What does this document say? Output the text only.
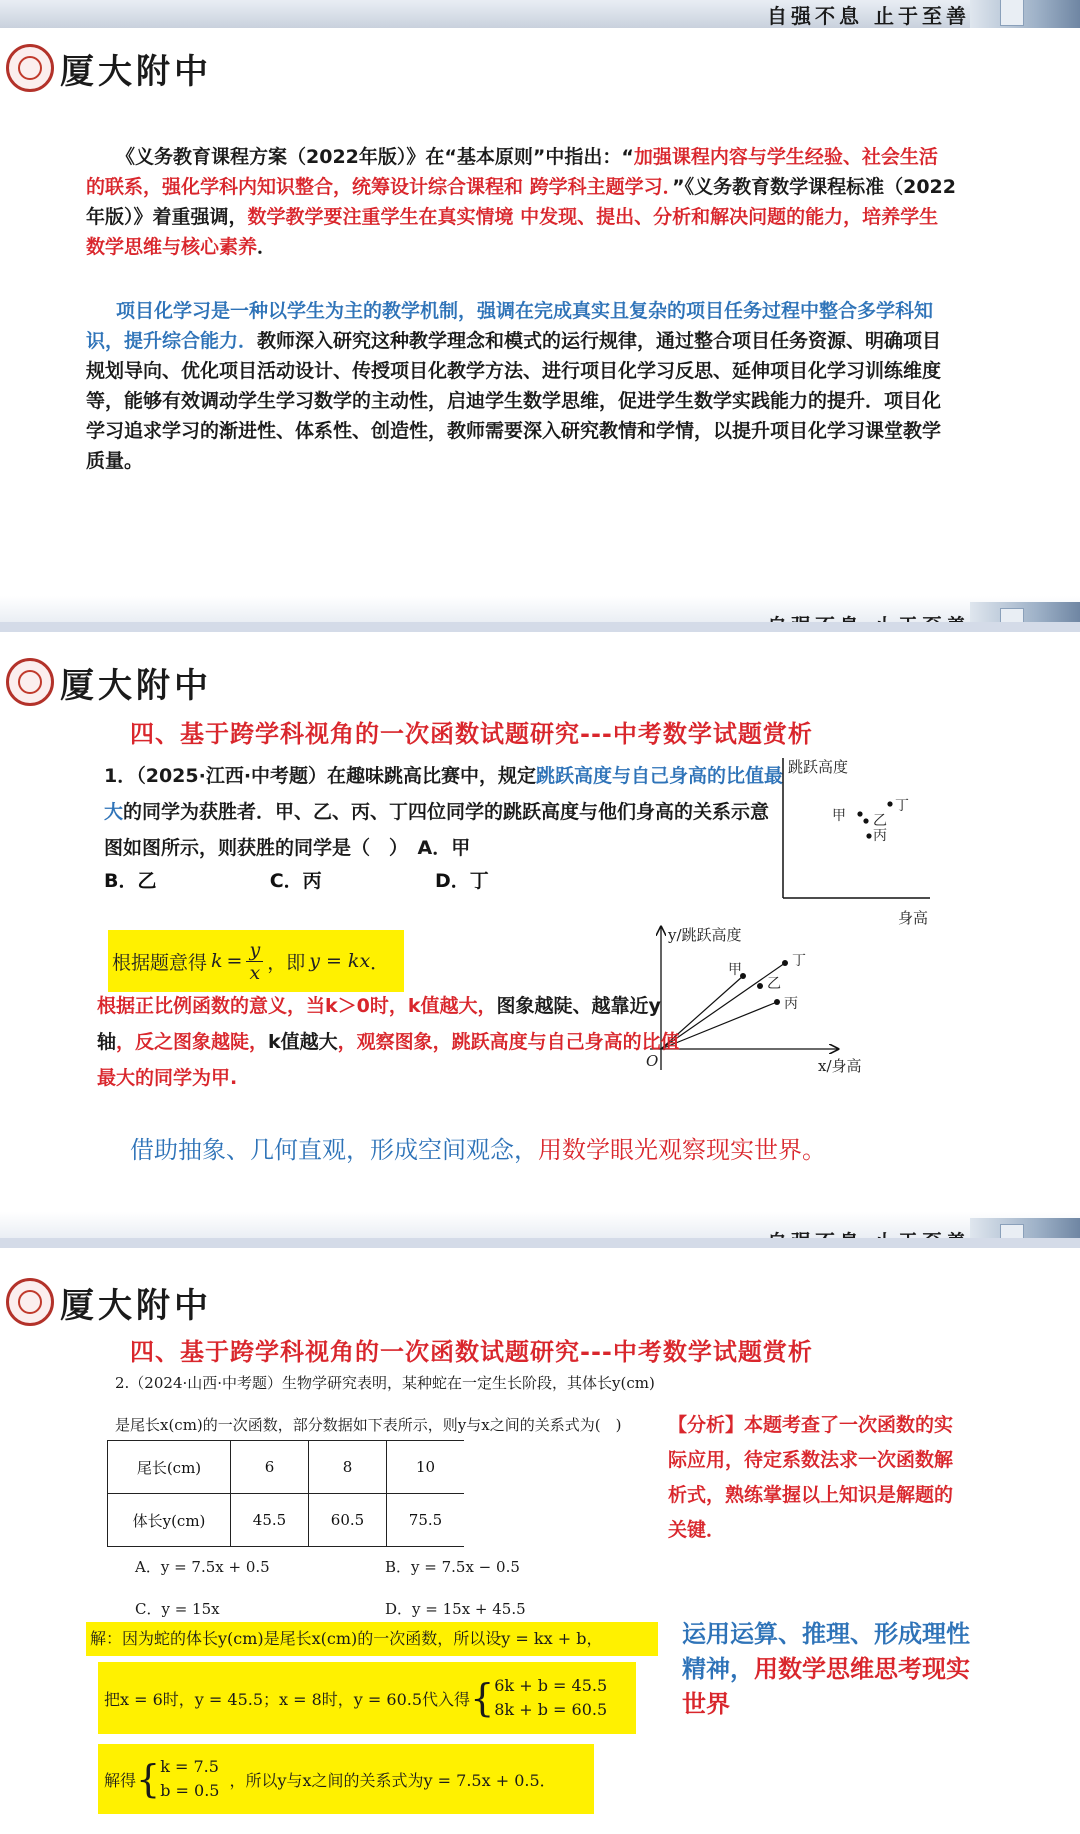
自强不息 止于至善
厦大附中
《义务教育课程方案（2022年版）》在“基本原则”中指出：“加强课程内容与学生经验、社会生活的联系，强化学科内知识整合，统筹设计综合课程和 跨学科主题学习．”《义务教育数学课程标准（2022年版）》着重强调，数学教学要注重学生在真实情境 中发现、提出、分析和解决问题的能力，培养学生数学思维与核心素养．
项目化学习是一种以学生为主的教学机制，强调在完成真实且复杂的项目任务过程中整合多学科知识，提升综合能力．教师深入研究这种教学理念和模式的运行规律，通过整合项目任务资源、明确项目规划导向、优化项目活动设计、传授项目化教学方法、进行项目化学习反思、延伸项目化学习训练维度等，能够有效调动学生学习数学的主动性，启迪学生数学思维，促进学生数学实践能力的提升．项目化学习追求学习的渐进性、体系性、创造性，教师需要深入研究教情和学情，以提升项目化学习课堂教学质量。
厦大附中
四、基于跨学科视角的一次函数试题研究---中考数学试题赏析
1．（2025·江西·中考题）在趣味跳高比赛中，规定跳跃高度与自己身高的比值最大的同学为获胜者．甲、乙、丙、丁四位同学的跳跃高度与他们身高的关系示意图如图所示，则获胜的同学是（　）　A．甲
B．乙	C．丙	D．丁
跳跃高度
身高
甲 乙
丙
丁
根据题意得 $k = \frac{y}{x}$ ，即 y = kx ．
y/跳跃高度
x/身高
O
甲
乙
丙
丁
根据正比例函数的意义，当k＞0时，k值越大，图象越陡、越靠近y轴，反之图象越陡，k值越大，观察图象，跳跃高度与自己身高的比值最大的同学为甲.
借助抽象、几何直观，形成空间观念，用数学眼光观察现实世界。
厦大附中
四、基于跨学科视角的一次函数试题研究---中考数学试题赏析
2.（2024·山西·中考题）生物学研究表明，某种蛇在一定生长阶段，其体长y(cm)
是尾长x(cm)的一次函数，部分数据如下表所示，则y与x之间的关系式为(　)
尾长(cm)	6	8	10
体长y(cm)	45.5	60.5	75.5
A．y = 7.5x + 0.5	B．y = 7.5x − 0.5
C．y = 15x	D．y = 15x + 45.5
【分析】本题考查了一次函数的实际应用，待定系数法求一次函数解析式，熟练掌握以上知识是解题的关键．
解：因为蛇的体长y(cm)是尾长x(cm)的一次函数，所以设y = kx + b，
把x = 6时，y = 45.5；x = 8时，y = 60.5代入得 { 6k + b = 45.5
8k + b = 60.5
解得 { k = 7.5
b = 0.5
，所以y与x之间的关系式为y = 7.5x + 0.5．
运用运算、推理、形成理性精神，用数学思维思考现实世界
